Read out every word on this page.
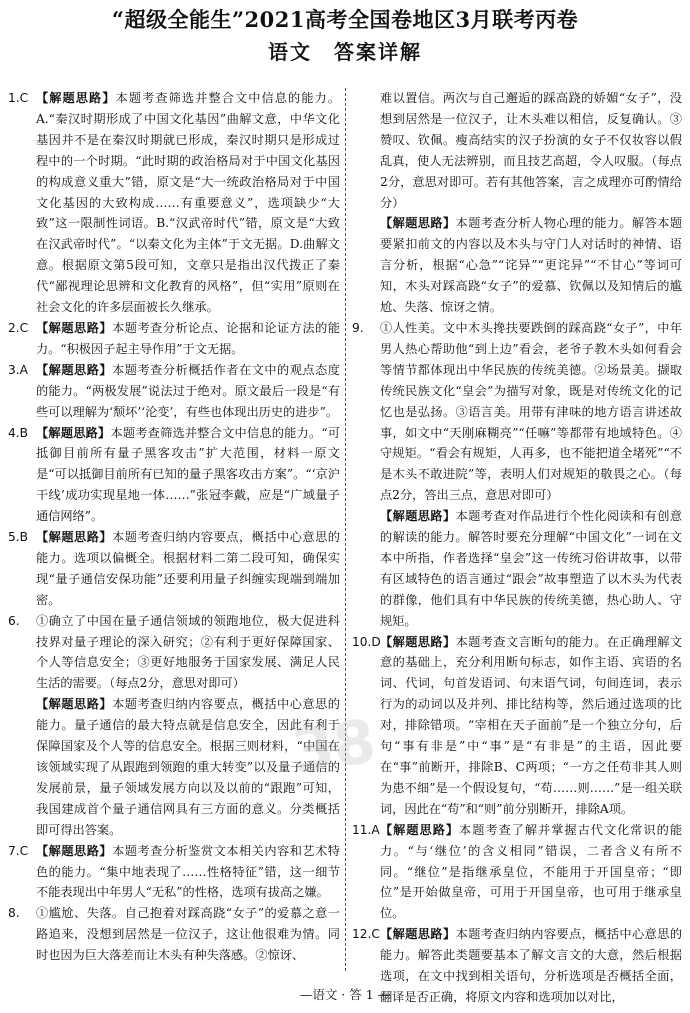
“超级全能生”2021高考全国卷地区3月联考丙卷
语文　答案详解
1.C 【解题思路】本题考查筛选并整合文中信息的能力。A.“秦汉时期形成了中国文化基因”曲解文意，中华文化基因并不是在秦汉时期就已形成，秦汉时期只是形成过程中的一个时期。“此时期的政治格局对于中国文化基因的构成意义重大”错，原文是“大一统政治格局对于中国文化基因的大致构成……有重要意义”，选项缺少“大致”这一限制性词语。B.“汉武帝时代”错，原文是“大致在汉武帝时代”。“以秦文化为主体”于文无据。D.曲解文意。根据原文第5段可知，文章只是指出汉代拨正了秦代“鄙视理论思辨和文化教育的风格”，但“实用”原则在社会文化的许多层面被长久继承。
2.C 【解题思路】本题考查分析论点、论据和论证方法的能力。“积极因子起主导作用”于文无据。
3.A 【解题思路】本题考查分析概括作者在文中的观点态度的能力。“两极发展”说法过于绝对。原文最后一段是“有些可以理解为‘颓坏’‘沦变’，有些也体现出历史的进步”。
4.B 【解题思路】本题考查筛选并整合文中信息的能力。“可抵御目前所有量子黑客攻击”扩大范围，材料一原文是“可以抵御目前所有已知的量子黑客攻击方案”。“‘京沪干线’成功实现星地一体……”张冠李戴，应是“广域量子通信网络”。
5.B 【解题思路】本题考查归纳内容要点，概括中心意思的能力。选项以偏概全。根据材料二第二段可知，确保实现“量子通信安保功能”还要利用量子纠缠实现端到端加密。
6. ①确立了中国在量子通信领域的领跑地位，极大促进科技界对量子理论的深入研究；②有利于更好保障国家、个人等信息安全；③更好地服务于国家发展、满足人民生活的需要。（每点2分，意思对即可）
【解题思路】本题考查归纳内容要点，概括中心意思的能力。量子通信的最大特点就是信息安全，因此有利于保障国家及个人等的信息安全。根据三则材料，“中国在该领域实现了从跟跑到领跑的重大转变”以及量子通信的发展前景，量子领域发展方向以及以前的“跟跑”可知，我国建成首个量子通信网具有三方面的意义。分类概括即可得出答案。
7.C 【解题思路】本题考查分析鉴赏文本相关内容和艺术特色的能力。“集中地表现了……性格特征”错，这一细节不能表现出中年男人“无私”的性格，选项有拔高之嫌。
8. ①尴尬、失落。自己抱着对踩高跷“女子”的爱慕之意一路追来，没想到居然是一位汉子，这让他很难为情。同时也因为巨大落差而让木头有种失落感。②惊讶、
难以置信。两次与自己邂逅的踩高跷的娇媚“女子”，没想到居然是一位汉子，让木头难以相信，反复确认。③赞叹、钦佩。瘦高结实的汉子扮演的女子不仅妆容以假乱真，使人无法辨别，而且技艺高超，令人叹服。（每点2分，意思对即可。若有其他答案，言之成理亦可酌情给分）
【解题思路】本题考查分析人物心理的能力。解答本题要紧扣前文的内容以及木头与守门人对话时的神情、语言分析，根据“心急”“诧异”“更诧异”“不甘心”等词可知，木头对踩高跷“女子”的爱慕、钦佩以及知情后的尴尬、失落、惊讶之情。
9. ①人性美。文中木头搀扶要跌倒的踩高跷“女子”，中年男人热心帮助他“到上边”看会，老爷子教木头如何看会等情节都体现出中华民族的传统美德。②场景美。撷取传统民族文化“皇会”为描写对象，既是对传统文化的记忆也是弘扬。③语言美。用带有津味的地方语言讲述故事，如文中“天刚麻糊亮”“任嘛”等都带有地域特色。④守规矩。“看会有规矩，人再多，也不能把道全堵死”“不是木头不敢进院”等，表明人们对规矩的敬畏之心。（每点2分，答出三点，意思对即可）
【解题思路】本题考查对作品进行个性化阅读和有创意的解读的能力。解答时要充分理解“中国文化”一词在文本中所指，作者选择“皇会”这一传统习俗讲故事，以带有区域特色的语言通过“跟会”故事塑造了以木头为代表的群像，他们具有中华民族的传统美德，热心助人、守规矩。
10.D 【解题思路】本题考查文言断句的能力。在正确理解文意的基础上，充分利用断句标志，如作主语、宾语的名词、代词，句首发语词、句末语气词，句间连词，表示行为的动词以及并列、排比结构等，然后通过选项的比对，排除错项。“宰相在天子面前”是一个独立分句，后句“事有非是”中“事”是“有非是”的主语，因此要在“事”前断开，排除B、C两项；“一方之任苟非其人则为患不细”是一个假设复句，“苟……则……”是一组关联词，因此在“苟”和“则”前分别断开，排除A项。
11.A 【解题思路】本题考查了解并掌握古代文化常识的能力。“与‘继位’的含义相同”错误，二者含义有所不同。“继位”是指继承皇位，不能用于开国皇帝；“即位”是开始做皇帝，可用于开国皇帝，也可用于继承皇位。
12.C 【解题思路】本题考查归纳内容要点，概括中心意思的能力。解答此类题要基本了解文言文的大意，然后根据选项，在文中找到相关语句，分析选项是否概括全面，翻译是否正确，将原文内容和选项加以对比，
38
—语文 · 答 1 —
